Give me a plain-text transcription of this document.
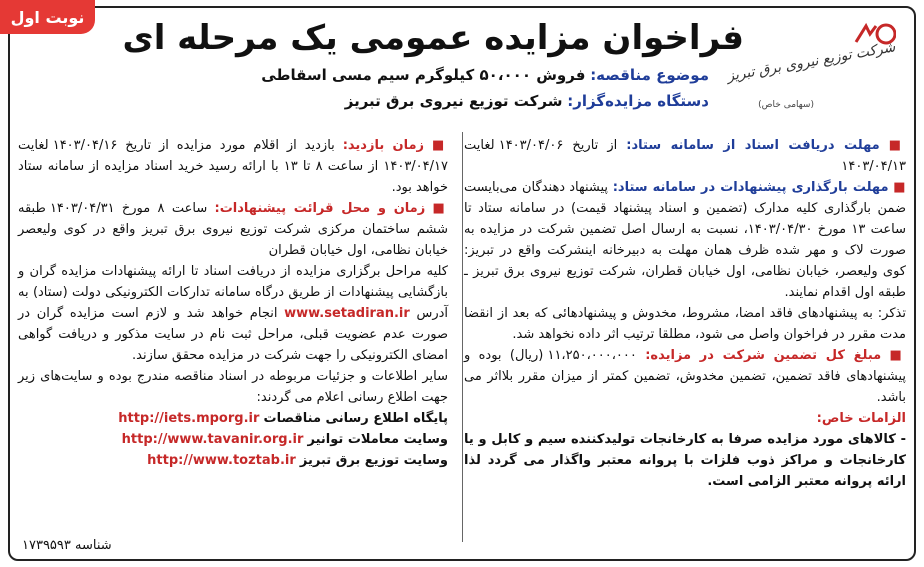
نوبت اول
شرکت توزیع نیروی برق تبریز
(سهامی خاص)
فراخوان مزایده عمومی یک مرحله ای
موضوع مناقصه: فروش ۵۰،۰۰۰ کیلوگرم سیم مسی اسقاطی
دستگاه مزایده‌گزار: شرکت توزیع نیروی برق تبریز

■ مهلت دریافت اسناد از سامانه ستاد: از تاریخ ۱۴۰۳/۰۴/۰۶ لغایت ۱۴۰۳/۰۴/۱۳

■ مهلت بارگذاری پیشنهادات در سامانه ستاد: پیشنهاد دهندگان می‌بایست ضمن بارگذاری کلیه مدارک (تضمین و اسناد پیشنهاد قیمت) در سامانه ستاد تا ساعت ۱۳ مورخ ۱۴۰۳/۰۴/۳۰، نسبت به ارسال اصل تضمین شرکت در مزایده به صورت لاک و مهر شده ظرف همان مهلت به دبیرخانه اینشرکت واقع در تبریز: کوی ولیعصر، خیابان نظامی، اول خیابان قطران، شرکت توزیع نیروی برق تبریز ـ طبقه اول اقدام نمایند.

تذکر: به پیشنهادهای فاقد امضا، مشروط، مخدوش و پیشنهادهائی که بعد از انقضا مدت مقرر در فراخوان واصل می شود، مطلقا ترتیب اثر داده نخواهد شد.

■ مبلغ کل تضمین شرکت در مزایده: ۱۱،۲۵۰،۰۰۰،۰۰۰ (ریال) بوده و پیشنهادهای فاقد تضمین، تضمین مخدوش، تضمین کمتر از میزان مقرر بلااثر می باشد.

الزامات خاص:

- کالاهای مورد مزایده صرفا به کارخانجات تولیدکننده سیم و کابل و یا کارخانجات و مراکز ذوب فلزات با پروانه معتبر واگذار می گردد لذا ارائه پروانه معتبر الزامی است.

■ زمان بازدید: بازدید از اقلام مورد مزایده از تاریخ ۱۴۰۳/۰۴/۱۶ لغایت ۱۴۰۳/۰۴/۱۷ از ساعت ۸ تا ۱۳ با ارائه رسید خرید اسناد مزایده از سامانه ستاد خواهد بود.

■ زمان و محل قرائت پیشنهادات: ساعت ۸ مورخ ۱۴۰۳/۰۴/۳۱ طبقه ششم ساختمان مرکزی شرکت توزیع نیروی برق تبریز واقع در کوی ولیعصر خیابان نظامی، اول خیابان قطران

کلیه مراحل برگزاری مزایده از دریافت اسناد تا ارائه پیشنهادات مزایده گران و بازگشایی پیشنهادات از طریق درگاه سامانه تدارکات الکترونیکی دولت (ستاد) به آدرس www.setadiran.ir انجام خواهد شد و لازم است مزایده گران در صورت عدم عضویت قبلی، مراحل ثبت نام در سایت مذکور و دریافت گواهی امضای الکترونیکی را جهت شرکت در مزایده محقق سازند.

سایر اطلاعات و جزئیات مربوطه در اسناد مناقصه مندرج بوده و سایت‌های زیر جهت اطلاع رسانی اعلام می گردند:

پایگاه اطلاع رسانی مناقصات http://iets.mporg.ir
وسایت معاملات توانیر http://www.tavanir.org.ir
وسایت توزیع برق تبریز http://www.toztab.ir
شناسه ۱۷۳۹۵۹۳
